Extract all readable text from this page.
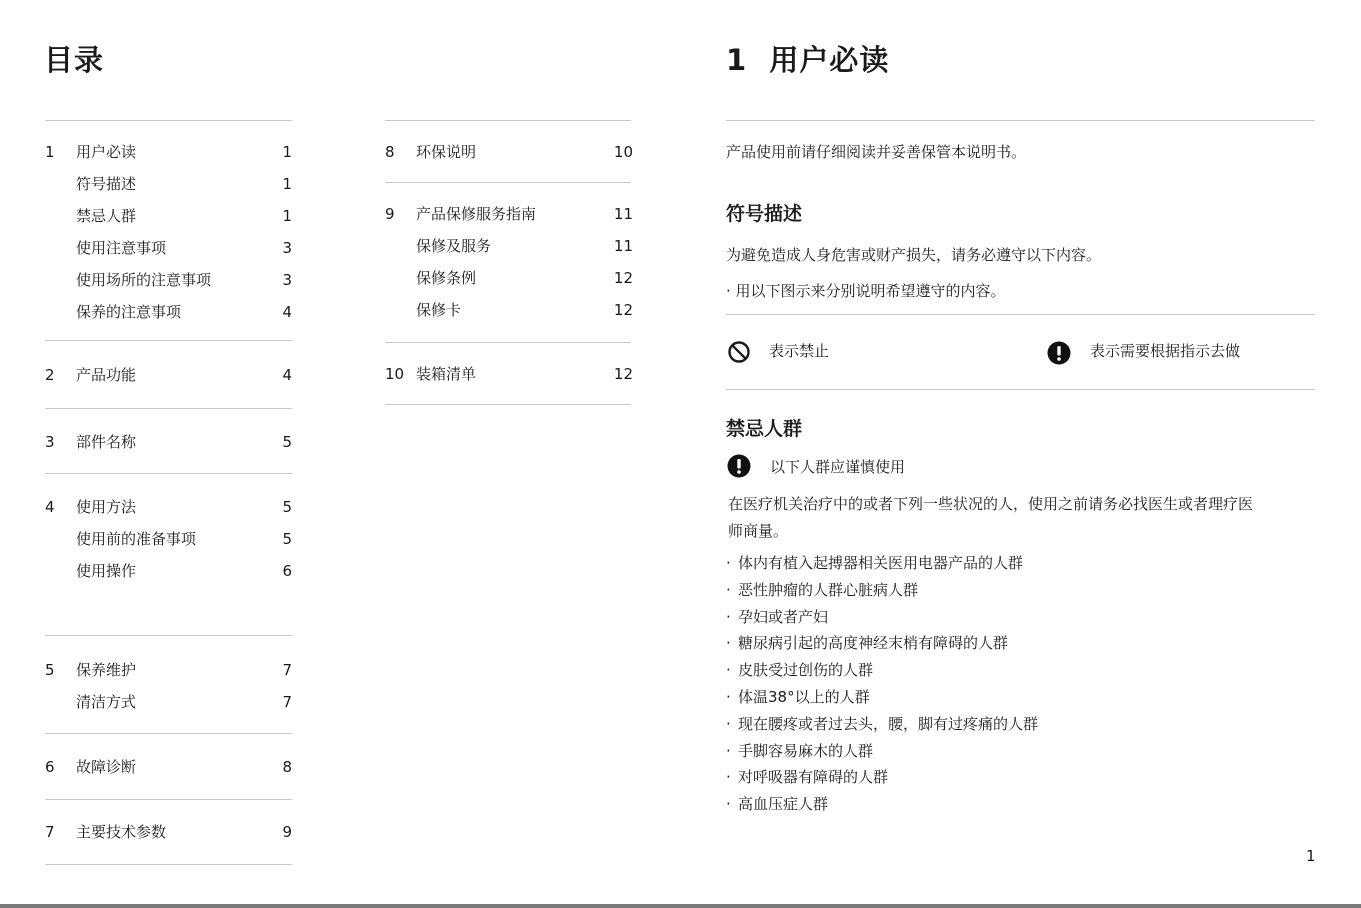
目录
1 用户必读	1
符号描述	1
禁忌人群	1
使用注意事项	3
使用场所的注意事项	3
保养的注意事项	4
2 产品功能	4
3 部件名称	5
4 使用方法	5
使用前的准备事项	5
使用操作	6
5 保养维护	7
清洁方式	7
6 故障诊断	8
7 主要技术参数	9
8 环保说明	10
9 产品保修服务指南	11
保修及服务	11
保修条例	12
保修卡	12
10 装箱清单	12
1  用户必读
产品使用前请仔细阅读并妥善保管本说明书。
符号描述
为避免造成人身危害或财产损失，请务必遵守以下内容。
· 用以下图示来分别说明希望遵守的内容。
表示禁止	表示需要根据指示去做
禁忌人群
以下人群应谨慎使用
在医疗机关治疗中的或者下列一些状况的人，使用之前请务必找医生或者理疗医
师商量。
· 体内有植入起搏器相关医用电器产品的人群
· 恶性肿瘤的人群心脏病人群
· 孕妇或者产妇
· 糖尿病引起的高度神经末梢有障碍的人群
· 皮肤受过创伤的人群
· 体温38°以上的人群
· 现在腰疼或者过去头，腰，脚有过疼痛的人群
· 手脚容易麻木的人群
· 对呼吸器有障碍的人群
· 高血压症人群
1
